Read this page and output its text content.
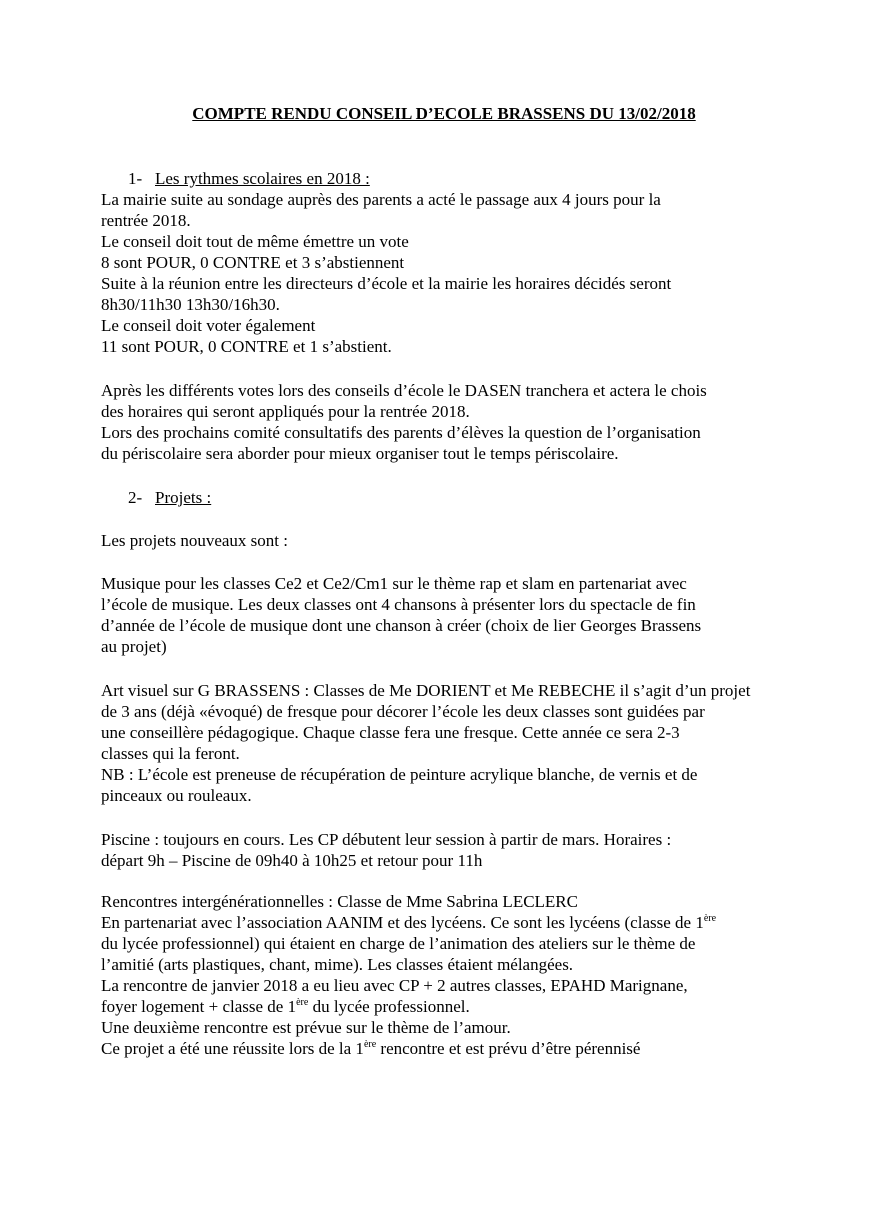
COMPTE RENDU CONSEIL D’ECOLE BRASSENS DU 13/02/2018
1- Les rythmes scolaires en 2018 :
La mairie suite au sondage auprès des parents a acté le passage aux 4 jours pour la
rentrée 2018.
Le conseil doit tout de même émettre un vote
8 sont POUR, 0 CONTRE et 3 s’abstiennent
Suite à la réunion entre les directeurs d’école et la mairie les horaires décidés seront
8h30/11h30 13h30/16h30.
Le conseil doit voter également
11 sont POUR, 0 CONTRE et 1 s’abstient.
Après les différents votes lors des conseils d’école le DASEN tranchera et actera le chois
des horaires qui seront appliqués pour la rentrée 2018.
Lors des prochains comité consultatifs des parents d’élèves la question de l’organisation
du périscolaire sera aborder pour mieux organiser tout le temps périscolaire.
2- Projets :
Les projets nouveaux sont :
Musique pour les classes Ce2 et Ce2/Cm1 sur le thème rap et slam en partenariat avec
l’école de musique. Les deux classes ont 4 chansons à présenter lors du spectacle de fin
d’année de l’école de musique dont une chanson à créer (choix de lier Georges Brassens
au projet)
Art visuel sur G BRASSENS : Classes de Me DORIENT et Me REBECHE il s’agit d’un projet
de 3 ans (déjà «évoqué) de fresque pour décorer l’école les deux classes sont guidées par
une conseillère pédagogique. Chaque classe fera une fresque. Cette année ce sera 2-3
classes qui la feront.
NB : L’école est preneuse de récupération de peinture acrylique blanche, de vernis et de
pinceaux ou rouleaux.
Piscine : toujours en cours. Les CP débutent leur session à partir de mars. Horaires :
départ 9h – Piscine de 09h40 à 10h25 et retour pour 11h
Rencontres intergénérationnelles : Classe de Mme Sabrina LECLERC
En partenariat avec l’association AANIM et des lycéens. Ce sont les lycéens (classe de 1ère
du lycée professionnel) qui étaient en charge de l’animation des ateliers sur le thème de
l’amitié (arts plastiques, chant, mime). Les classes étaient mélangées.
La rencontre de janvier 2018 a eu lieu avec CP + 2 autres classes, EPAHD Marignane,
foyer logement + classe de 1ère du lycée professionnel.
Une deuxième rencontre est prévue sur le thème de l’amour.
Ce projet a été une réussite lors de la 1ère rencontre et est prévu d’être pérennisé
